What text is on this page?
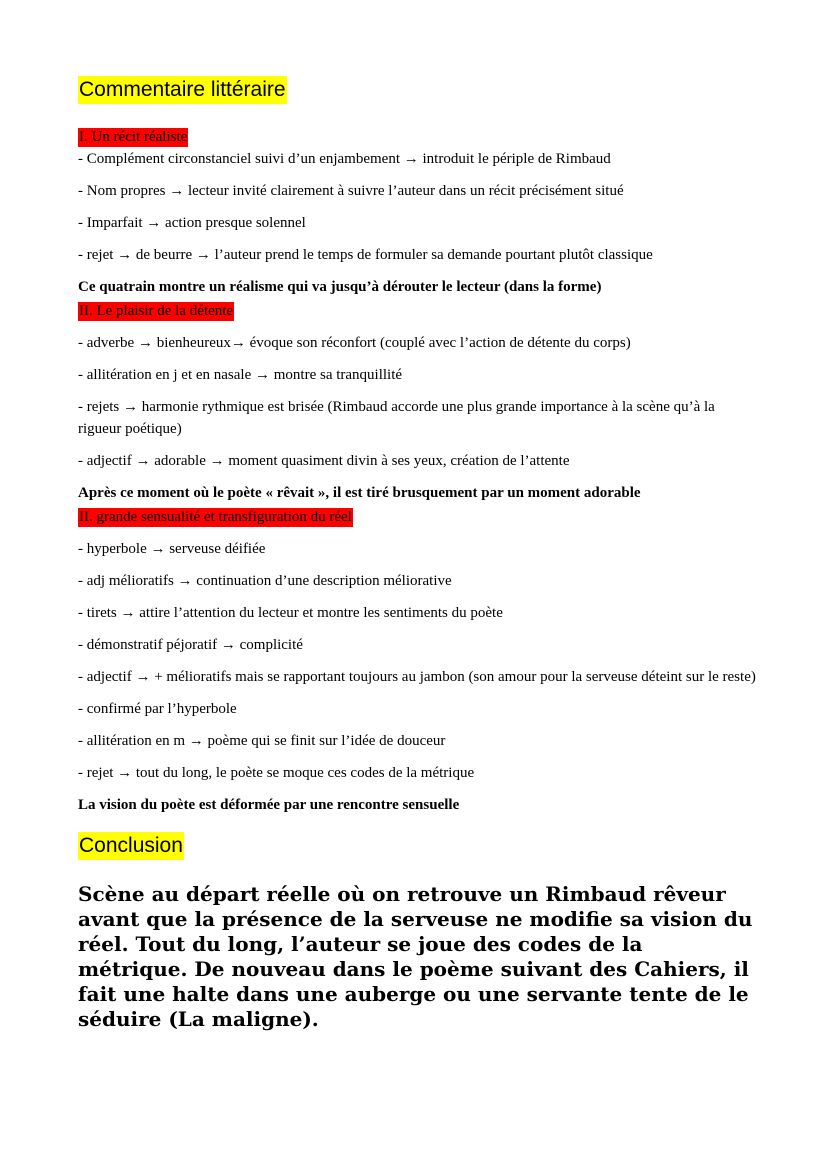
Commentaire littéraire
I. Un récit réaliste

- Complément circonstanciel suivi d’un enjambement → introduit le périple de Rimbaud

- Nom propres → lecteur invité clairement à suivre l’auteur dans un récit précisément situé

- Imparfait → action presque solennel

- rejet → de beurre → l’auteur prend le temps de formuler sa demande pourtant plutôt classique

Ce quatrain montre un réalisme qui va jusqu’à dérouter le lecteur (dans la forme)

II. Le plaisir de la détente

- adverbe → bienheureux→ évoque son réconfort (couplé avec l’action de détente du corps)

- allitération en j et en nasale → montre sa tranquillité

- rejets → harmonie rythmique est brisée (Rimbaud accorde une plus grande importance à la scène qu’à la rigueur poétique)

- adjectif → adorable → moment quasiment divin à ses yeux, création de l’attente

Après ce moment où le poète « rêvait », il est tiré brusquement par un moment adorable

II. grande sensualité et transfiguration du réel

- hyperbole → serveuse déifiée

- adj mélioratifs → continuation d’une description méliorative

- tirets → attire l’attention du lecteur et montre les sentiments du poète

- démonstratif péjoratif → complicité

- adjectif → + mélioratifs mais se rapportant toujours au jambon (son amour pour la serveuse déteint sur le reste)

- confirmé par l’hyperbole

- allitération en m → poème qui se finit sur l’idée de douceur

- rejet → tout du long, le poète se moque ces codes de la métrique

La vision du poète est déformée par une rencontre sensuelle

Conclusion

Scène au départ réelle où on retrouve un Rimbaud rêveur avant que la présence de la serveuse ne modifie sa vision du réel. Tout du long, l’auteur se joue des codes de la métrique. De nouveau dans le poème suivant des Cahiers, il fait une halte dans une auberge ou une servante tente de le séduire (La maligne).
